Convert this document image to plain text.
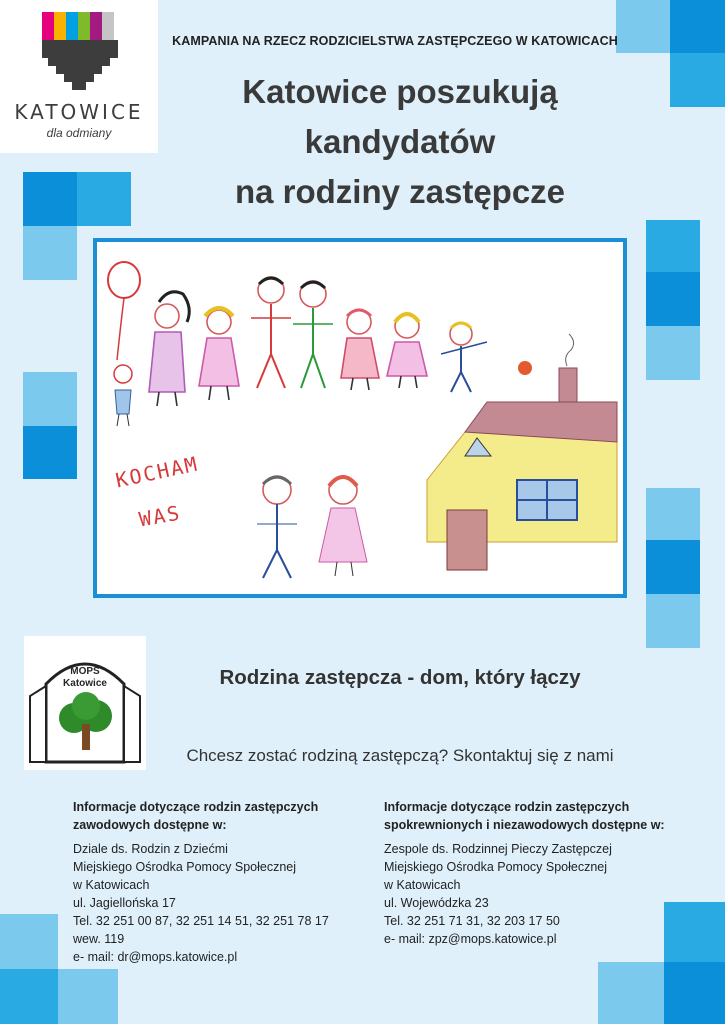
KATOWICE
dla odmiany
KAMPANIA NA RZECZ RODZICIELSTWA ZASTĘPCZEGO W KATOWICACH
Katowice poszukują
kandydatów
na rodziny zastępcze
KOCHAM
WAS
MOPS
Katowice	Rodzina zastępcza - dom, który łączy
Chcesz zostać rodziną zastępczą? Skontaktuj się z nami
Informacje dotyczące rodzin zastępczych
zawodowych dostępne w:
Dziale ds. Rodzin z Dziećmi
Miejskiego Ośrodka Pomocy Społecznej
w Katowicach
ul. Jagiellońska 17
Tel. 32 251 00 87, 32 251 14 51, 32 251 78 17
wew. 119
e- mail: dr@mops.katowice.pl
Informacje dotyczące rodzin zastępczych
spokrewnionych i niezawodowych dostępne w:
Zespole ds. Rodzinnej Pieczy Zastępczej
Miejskiego Ośrodka Pomocy Społecznej
w Katowicach
ul. Wojewódzka 23
Tel. 32 251 71 31, 32 203 17 50
e- mail: zpz@mops.katowice.pl
